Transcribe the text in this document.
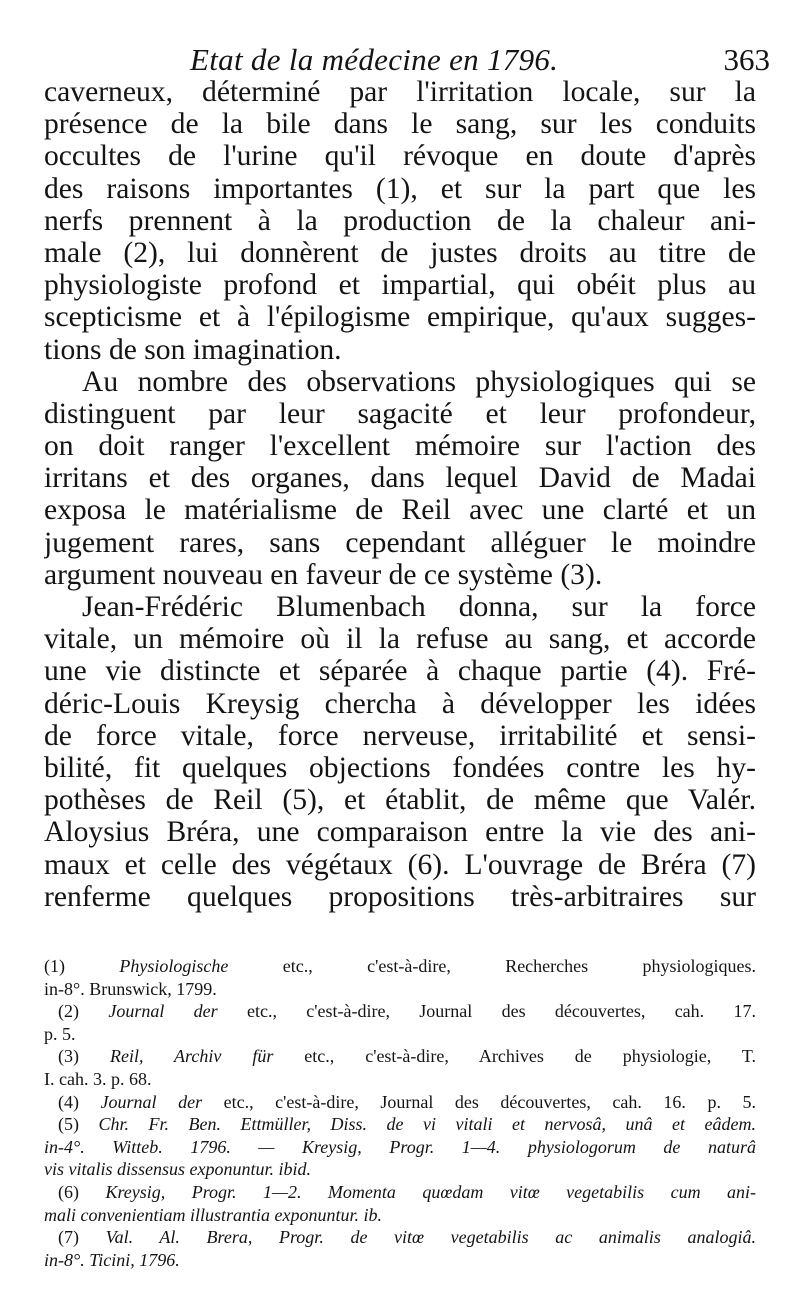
Etat de la médecine en 1796.	363
caverneux, déterminé par l'irritation locale, sur la
présence de la bile dans le sang, sur les conduits
occultes de l'urine qu'il révoque en doute d'après
des raisons importantes (1), et sur la part que les
nerfs prennent à la production de la chaleur ani-
male (2), lui donnèrent de justes droits au titre de
physiologiste profond et impartial, qui obéit plus au
scepticisme et à l'épilogisme empirique, qu'aux sugges-
tions de son imagination.
Au nombre des observations physiologiques qui se
distinguent par leur sagacité et leur profondeur,
on doit ranger l'excellent mémoire sur l'action des
irritans et des organes, dans lequel David de Madai
exposa le matérialisme de Reil avec une clarté et un
jugement rares, sans cependant alléguer le moindre
argument nouveau en faveur de ce système (3).
Jean-Frédéric Blumenbach donna, sur la force
vitale, un mémoire où il la refuse au sang, et accorde
une vie distincte et séparée à chaque partie (4). Fré-
déric-Louis Kreysig chercha à développer les idées
de force vitale, force nerveuse, irritabilité et sensi-
bilité, fit quelques objections fondées contre les hy-
pothèses de Reil (5), et établit, de même que Valér.
Aloysius Bréra, une comparaison entre la vie des ani-
maux et celle des végétaux (6). L'ouvrage de Bréra (7)
renferme quelques propositions très-arbitraires sur
(1)	Physiologische	etc., c'est-à-dire, Recherches physiologiques.
in-8°. Brunswick, 1799.
(2) Journal der etc., c'est-à-dire, Journal des découvertes, cah. 17.
p. 5.
(3) Reil, Archiv für etc., c'est-à-dire, Archives de physiologie, T.
I. cah. 3. p. 68.
(4) Journal der etc., c'est-à-dire, Journal des découvertes, cah. 16. p. 5.
(5) Chr. Fr. Ben. Ettmüller, Diss. de vi vitali et nervosâ, unâ et eâdem.
in-4°. Witteb. 1796. — Kreysig, Progr. 1—4. physiologorum de naturâ
vis vitalis dissensus exponuntur. ibid.
(6) Kreysig, Progr. 1—2. Momenta quœdam vitœ vegetabilis cum ani-
mali convenientiam illustrantia exponuntur. ib.
(7) Val. Al. Brera, Progr. de vitœ vegetabilis ac animalis analogiâ.
in-8°. Ticini, 1796.
